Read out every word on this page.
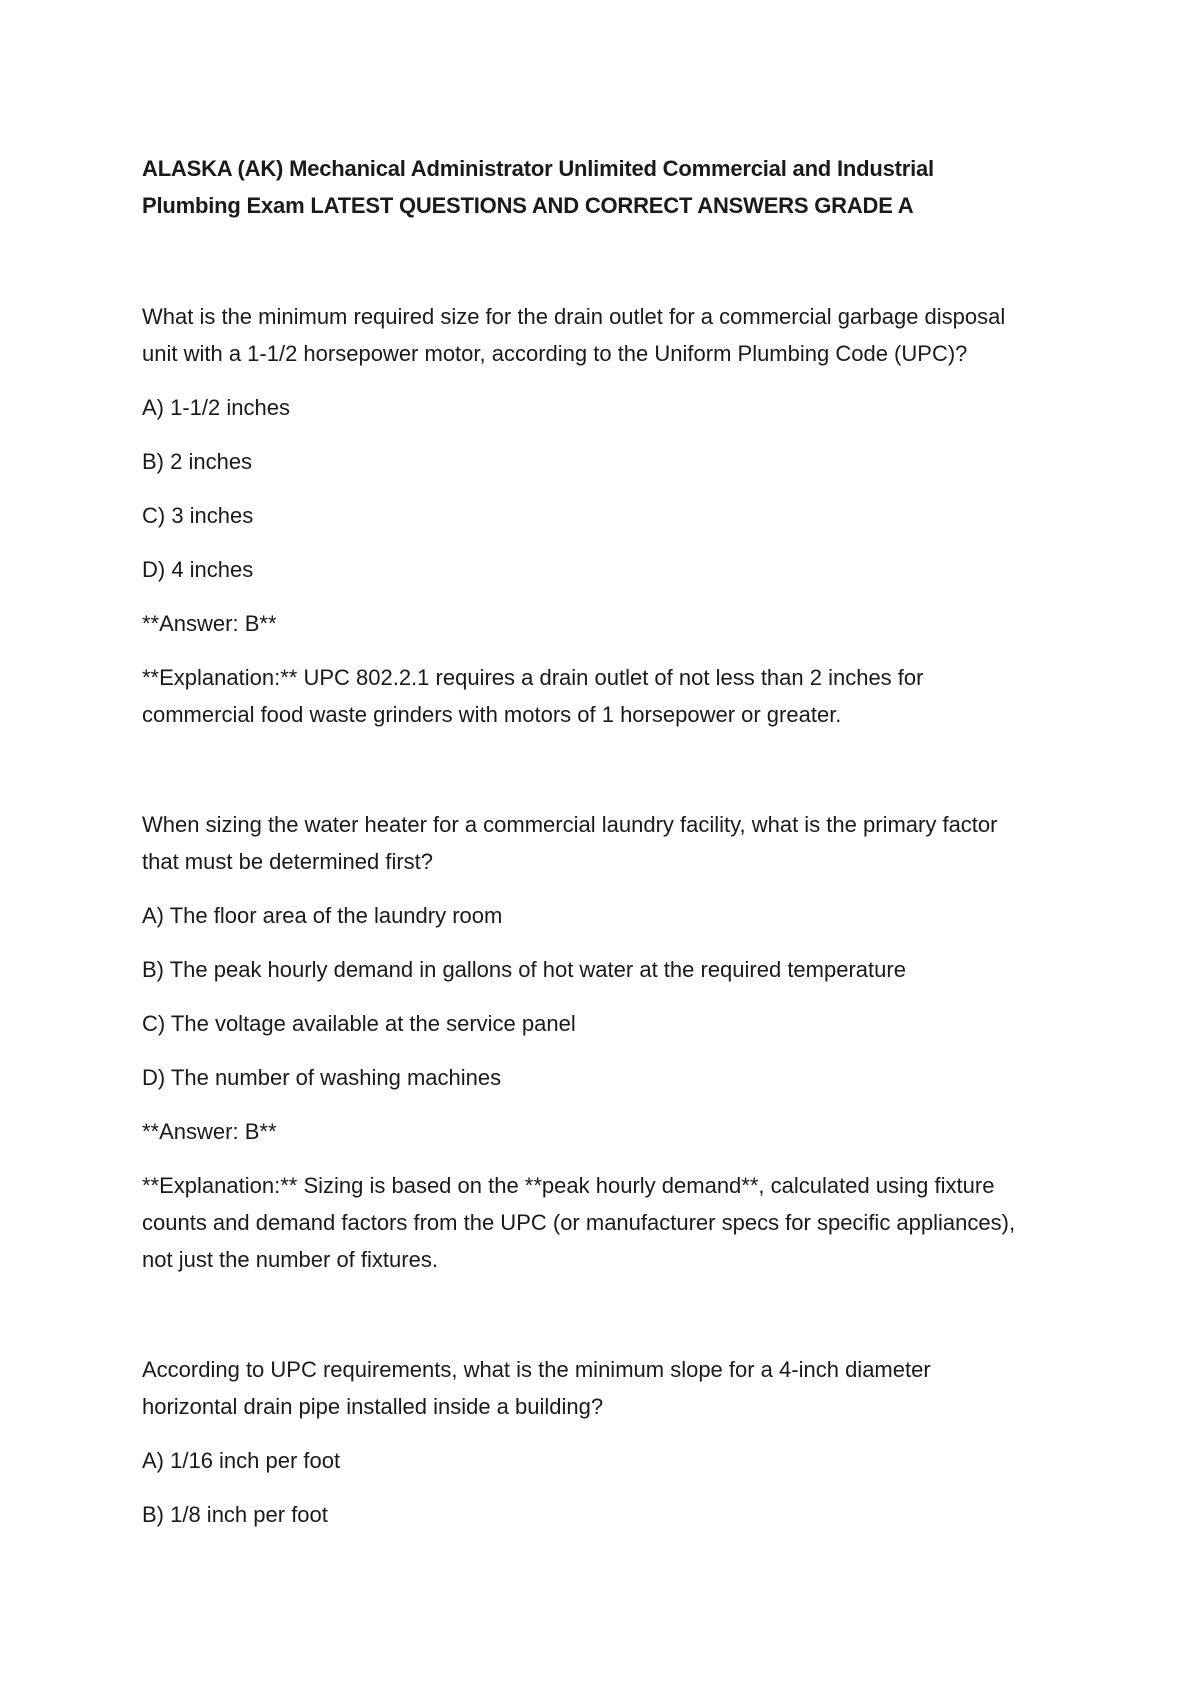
ALASKA (AK) Mechanical Administrator Unlimited Commercial and Industrial
Plumbing Exam LATEST QUESTIONS AND CORRECT ANSWERS GRADE A

What is the minimum required size for the drain outlet for a commercial garbage disposal
unit with a 1-1/2 horsepower motor, according to the Uniform Plumbing Code (UPC)?

A) 1-1/2 inches

B) 2 inches

C) 3 inches

D) 4 inches

**Answer: B**

**Explanation:** UPC 802.2.1 requires a drain outlet of not less than 2 inches for
commercial food waste grinders with motors of 1 horsepower or greater.

When sizing the water heater for a commercial laundry facility, what is the primary factor
that must be determined first?

A) The floor area of the laundry room

B) The peak hourly demand in gallons of hot water at the required temperature

C) The voltage available at the service panel

D) The number of washing machines

**Answer: B**

**Explanation:** Sizing is based on the **peak hourly demand**, calculated using fixture
counts and demand factors from the UPC (or manufacturer specs for specific appliances),
not just the number of fixtures.

According to UPC requirements, what is the minimum slope for a 4-inch diameter
horizontal drain pipe installed inside a building?

A) 1/16 inch per foot

B) 1/8 inch per foot
